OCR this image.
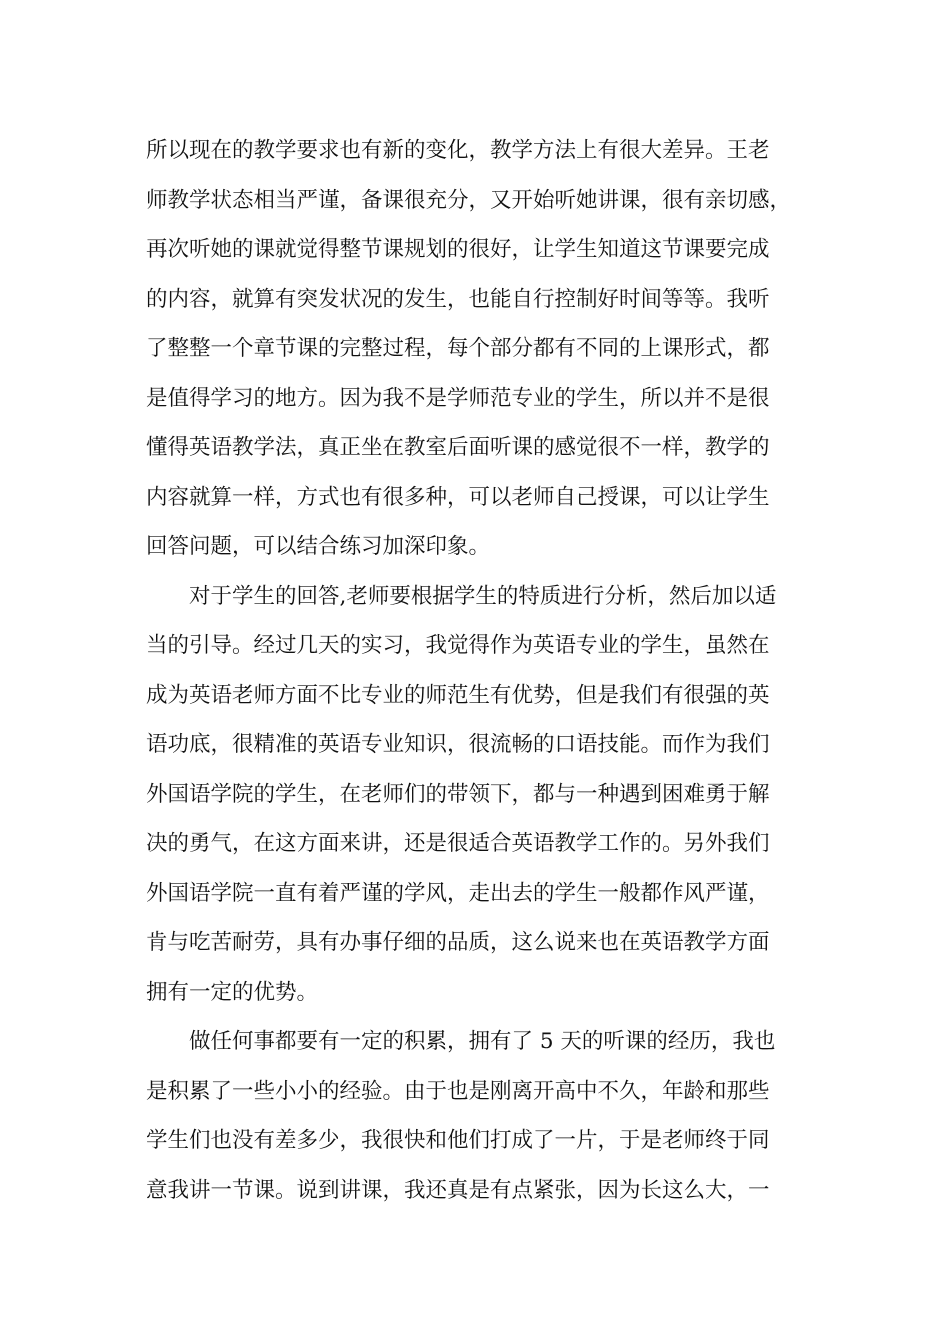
所以现在的教学要求也有新的变化，教学方法上有很大差异。王老
师教学状态相当严谨，备课很充分，又开始听她讲课，很有亲切感，
再次听她的课就觉得整节课规划的很好，让学生知道这节课要完成
的内容，就算有突发状况的发生，也能自行控制好时间等等。我听
了整整一个章节课的完整过程，每个部分都有不同的上课形式，都
是值得学习的地方。因为我不是学师范专业的学生，所以并不是很
懂得英语教学法，真正坐在教室后面听课的感觉很不一样，教学的
内容就算一样，方式也有很多种，可以老师自己授课，可以让学生
回答问题，可以结合练习加深印象。
对于学生的回答,老师要根据学生的特质进行分析，然后加以适
当的引导。经过几天的实习，我觉得作为英语专业的学生，虽然在
成为英语老师方面不比专业的师范生有优势，但是我们有很强的英
语功底，很精准的英语专业知识，很流畅的口语技能。而作为我们
外国语学院的学生，在老师们的带领下，都与一种遇到困难勇于解
决的勇气，在这方面来讲，还是很适合英语教学工作的。另外我们
外国语学院一直有着严谨的学风，走出去的学生一般都作风严谨，
肯与吃苦耐劳，具有办事仔细的品质，这么说来也在英语教学方面
拥有一定的优势。
做任何事都要有一定的积累，拥有了 5 天的听课的经历，我也
是积累了一些小小的经验。由于也是刚离开高中不久，年龄和那些
学生们也没有差多少，我很快和他们打成了一片，于是老师终于同
意我讲一节课。说到讲课，我还真是有点紧张，因为长这么大，一
